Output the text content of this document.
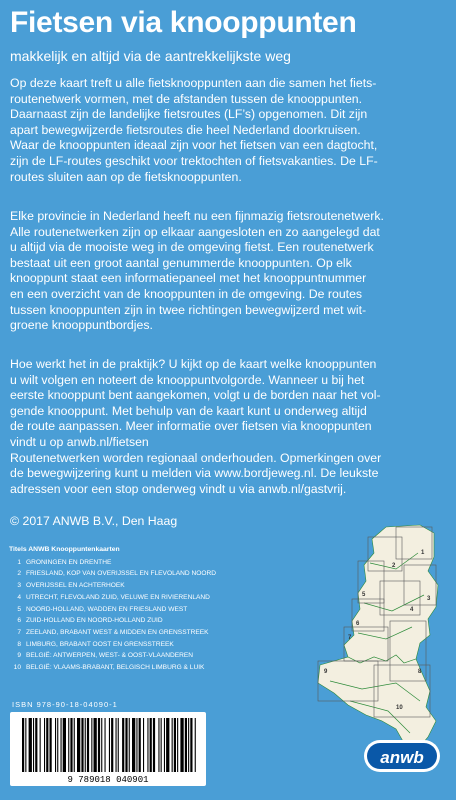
Fietsen via knooppunten
makkelijk en altijd via de aantrekkelijkste weg

Op deze kaart treft u alle fietsknooppunten aan die samen het fiets-

routenetwerk vormen, met de afstanden tussen de knooppunten.

Daarnaast zijn de landelijke fietsroutes (LF’s) opgenomen. Dit zijn

apart bewegwijzerde fietsroutes die heel Nederland doorkruisen.

Waar de knooppunten ideaal zijn voor het fietsen van een dagtocht,

zijn de LF-routes geschikt voor trektochten of fietsvakanties. De LF-

routes sluiten aan op de fietsknooppunten.

Elke provincie in Nederland heeft nu een fijnmazig fietsroutenetwerk.

Alle routenetwerken zijn op elkaar aangesloten en zo aangelegd dat

u altijd via de mooiste weg in de omgeving fietst. Een routenetwerk

bestaat uit een groot aantal genummerde knooppunten. Op elk

knooppunt staat een informatiepaneel met het knooppuntnummer

en een overzicht van de knooppunten in de omgeving. De routes

tussen knooppunten zijn in twee richtingen bewegwijzerd met wit-

groene knooppuntbordjes.

Hoe werkt het in de praktijk? U kijkt op de kaart welke knooppunten

u wilt volgen en noteert de knooppuntvolgorde. Wanneer u bij het

eerste knooppunt bent aangekomen, volgt u de borden naar het vol-

gende knooppunt. Met behulp van de kaart kunt u onderweg altijd

de route aanpassen. Meer informatie over fietsen via knooppunten

vindt u op anwb.nl/fietsen

Routenetwerken worden regionaal onderhouden. Opmerkingen over

de bewegwijzering kunt u melden via www.bordjeweg.nl. De leukste

adressen voor een stop onderweg vindt u via anwb.nl/gastvrij.

© 2017 ANWB B.V., Den Haag
Titels ANWB Knooppuntenkaarten
1 GRONINGEN EN DRENTHE
2 FRIESLAND, KOP VAN OVERIJSSEL EN FLEVOLAND NOORD
3 OVERIJSSEL EN ACHTERHOEK
4 UTRECHT, FLEVOLAND ZUID, VELUWE EN RIVIERENLAND
5 NOORD-HOLLAND, WADDEN EN FRIESLAND WEST
6 ZUID-HOLLAND EN NOORD-HOLLAND ZUID
7 ZEELAND, BRABANT WEST & MIDDEN EN GRENSSTREEK
8 LIMBURG, BRABANT OOST EN GRENSSTREEK
9 BELGIË: ANTWERPEN, WEST- & OOST-VLAANDEREN
10 BELGIË: VLAAMS-BRABANT, BELGISCH LIMBURG & LUIK
1
2
3
4
5
6
7
8
9
10
ISBN 978-90-18-04090-1
9 789018 040901
anwb
